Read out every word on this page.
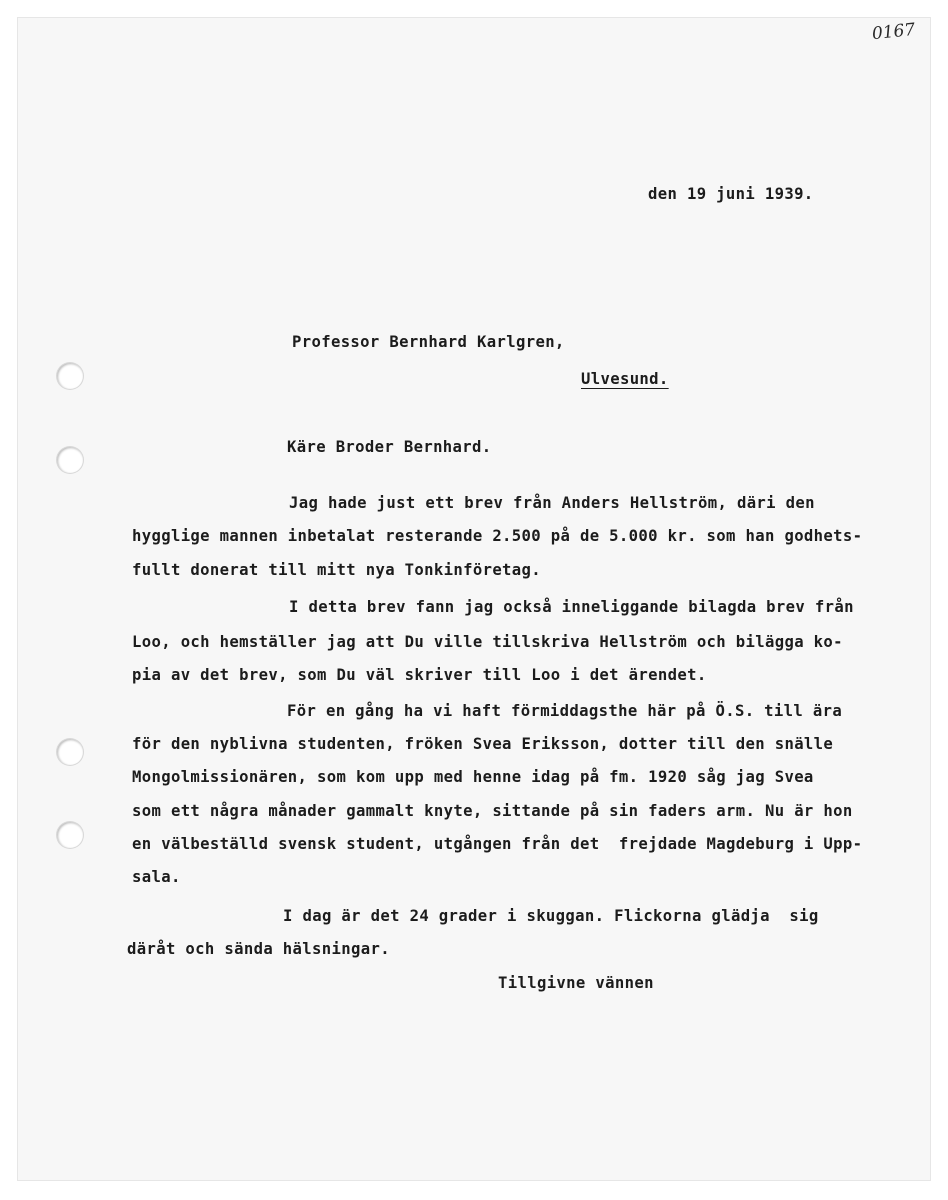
0167
den 19 juni 1939.
Professor Bernhard Karlgren,
Ulvesund.
Käre Broder Bernhard.
Jag hade just ett brev från Anders Hellström, däri den
hygglige mannen inbetalat resterande 2.500 på de 5.000 kr. som han godhets-
fullt donerat till mitt nya Tonkinföretag.
I detta brev fann jag också inneliggande bilagda brev från
Loo, och hemställer jag att Du ville tillskriva Hellström och bilägga ko-
pia av det brev, som Du väl skriver till Loo i det ärendet.
För en gång ha vi haft förmiddagsthe här på Ö.S. till ära
för den nyblivna studenten, fröken Svea Eriksson, dotter till den snälle
Mongolmissionären, som kom upp med henne idag på fm. 1920 såg jag Svea
som ett några månader gammalt knyte, sittande på sin faders arm. Nu är hon
en välbeställd svensk student, utgången från det  frejdade Magdeburg i Upp-
sala.
I dag är det 24 grader i skuggan. Flickorna glädja  sig
däråt och sända hälsningar.
Tillgivne vännen
